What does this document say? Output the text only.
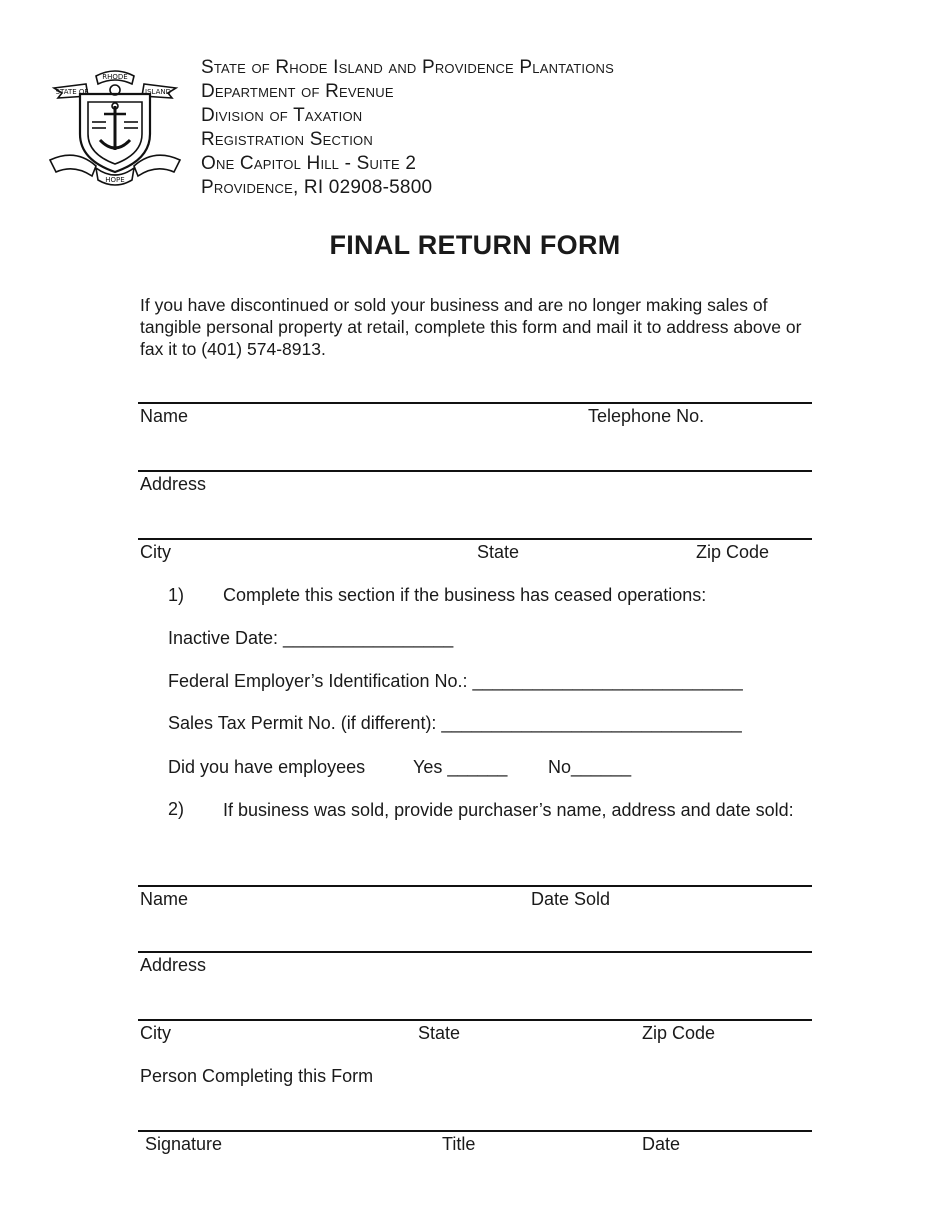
RHODE
STATE OF	ISLAND
HOPE
State of Rhode Island and Providence Plantations
Department of Revenue
Division of Taxation
Registration Section
One Capitol Hill - Suite 2
Providence, RI 02908-5800
FINAL RETURN FORM
If you have discontinued or sold your business and are no longer making sales of tangible personal property at retail, complete this form and mail it to address above or fax it to (401) 574-8913.
Name	Telephone No.
Address
City	State	Zip Code
1) Complete this section if the business has ceased operations:
Inactive Date: _________________
Federal Employer’s Identification No.: ___________________________
Sales Tax Permit No. (if different): ______________________________
Did you have employees	Yes ______ No______
2) If business was sold, provide purchaser’s name, address and date sold:
Name	Date Sold
Address
City	State	Zip Code
Person Completing this Form
Signature	Title	Date
